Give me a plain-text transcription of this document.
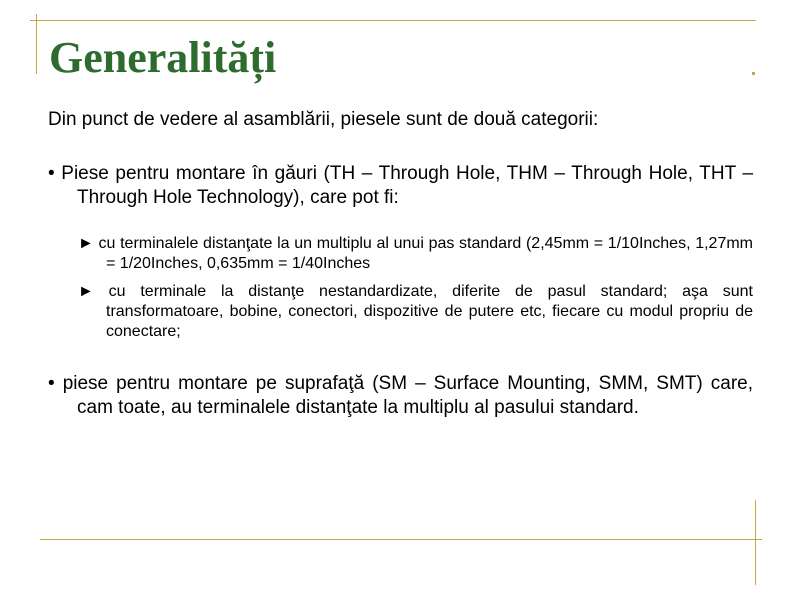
Generalități

Din punct de vedere al asamblării, piesele sunt de două categorii:

• Piese pentru montare în găuri (TH – Through Hole, THM – Through Hole, THT – Through Hole Technology), care pot fi:

► cu terminalele distanţate la un multiplu al unui pas standard (2,45mm = 1/10Inches, 1,27mm = 1/20Inches, 0,635mm = 1/40Inches

► cu terminale la distanţe nestandardizate, diferite de pasul standard; aşa sunt transformatoare, bobine, conectori, dispozitive de putere etc, fiecare cu modul propriu de conectare;

• piese pentru montare pe suprafaţă (SM – Surface Mounting, SMM, SMT) care, cam toate, au terminalele distanţate la multiplu al pasului standard.
